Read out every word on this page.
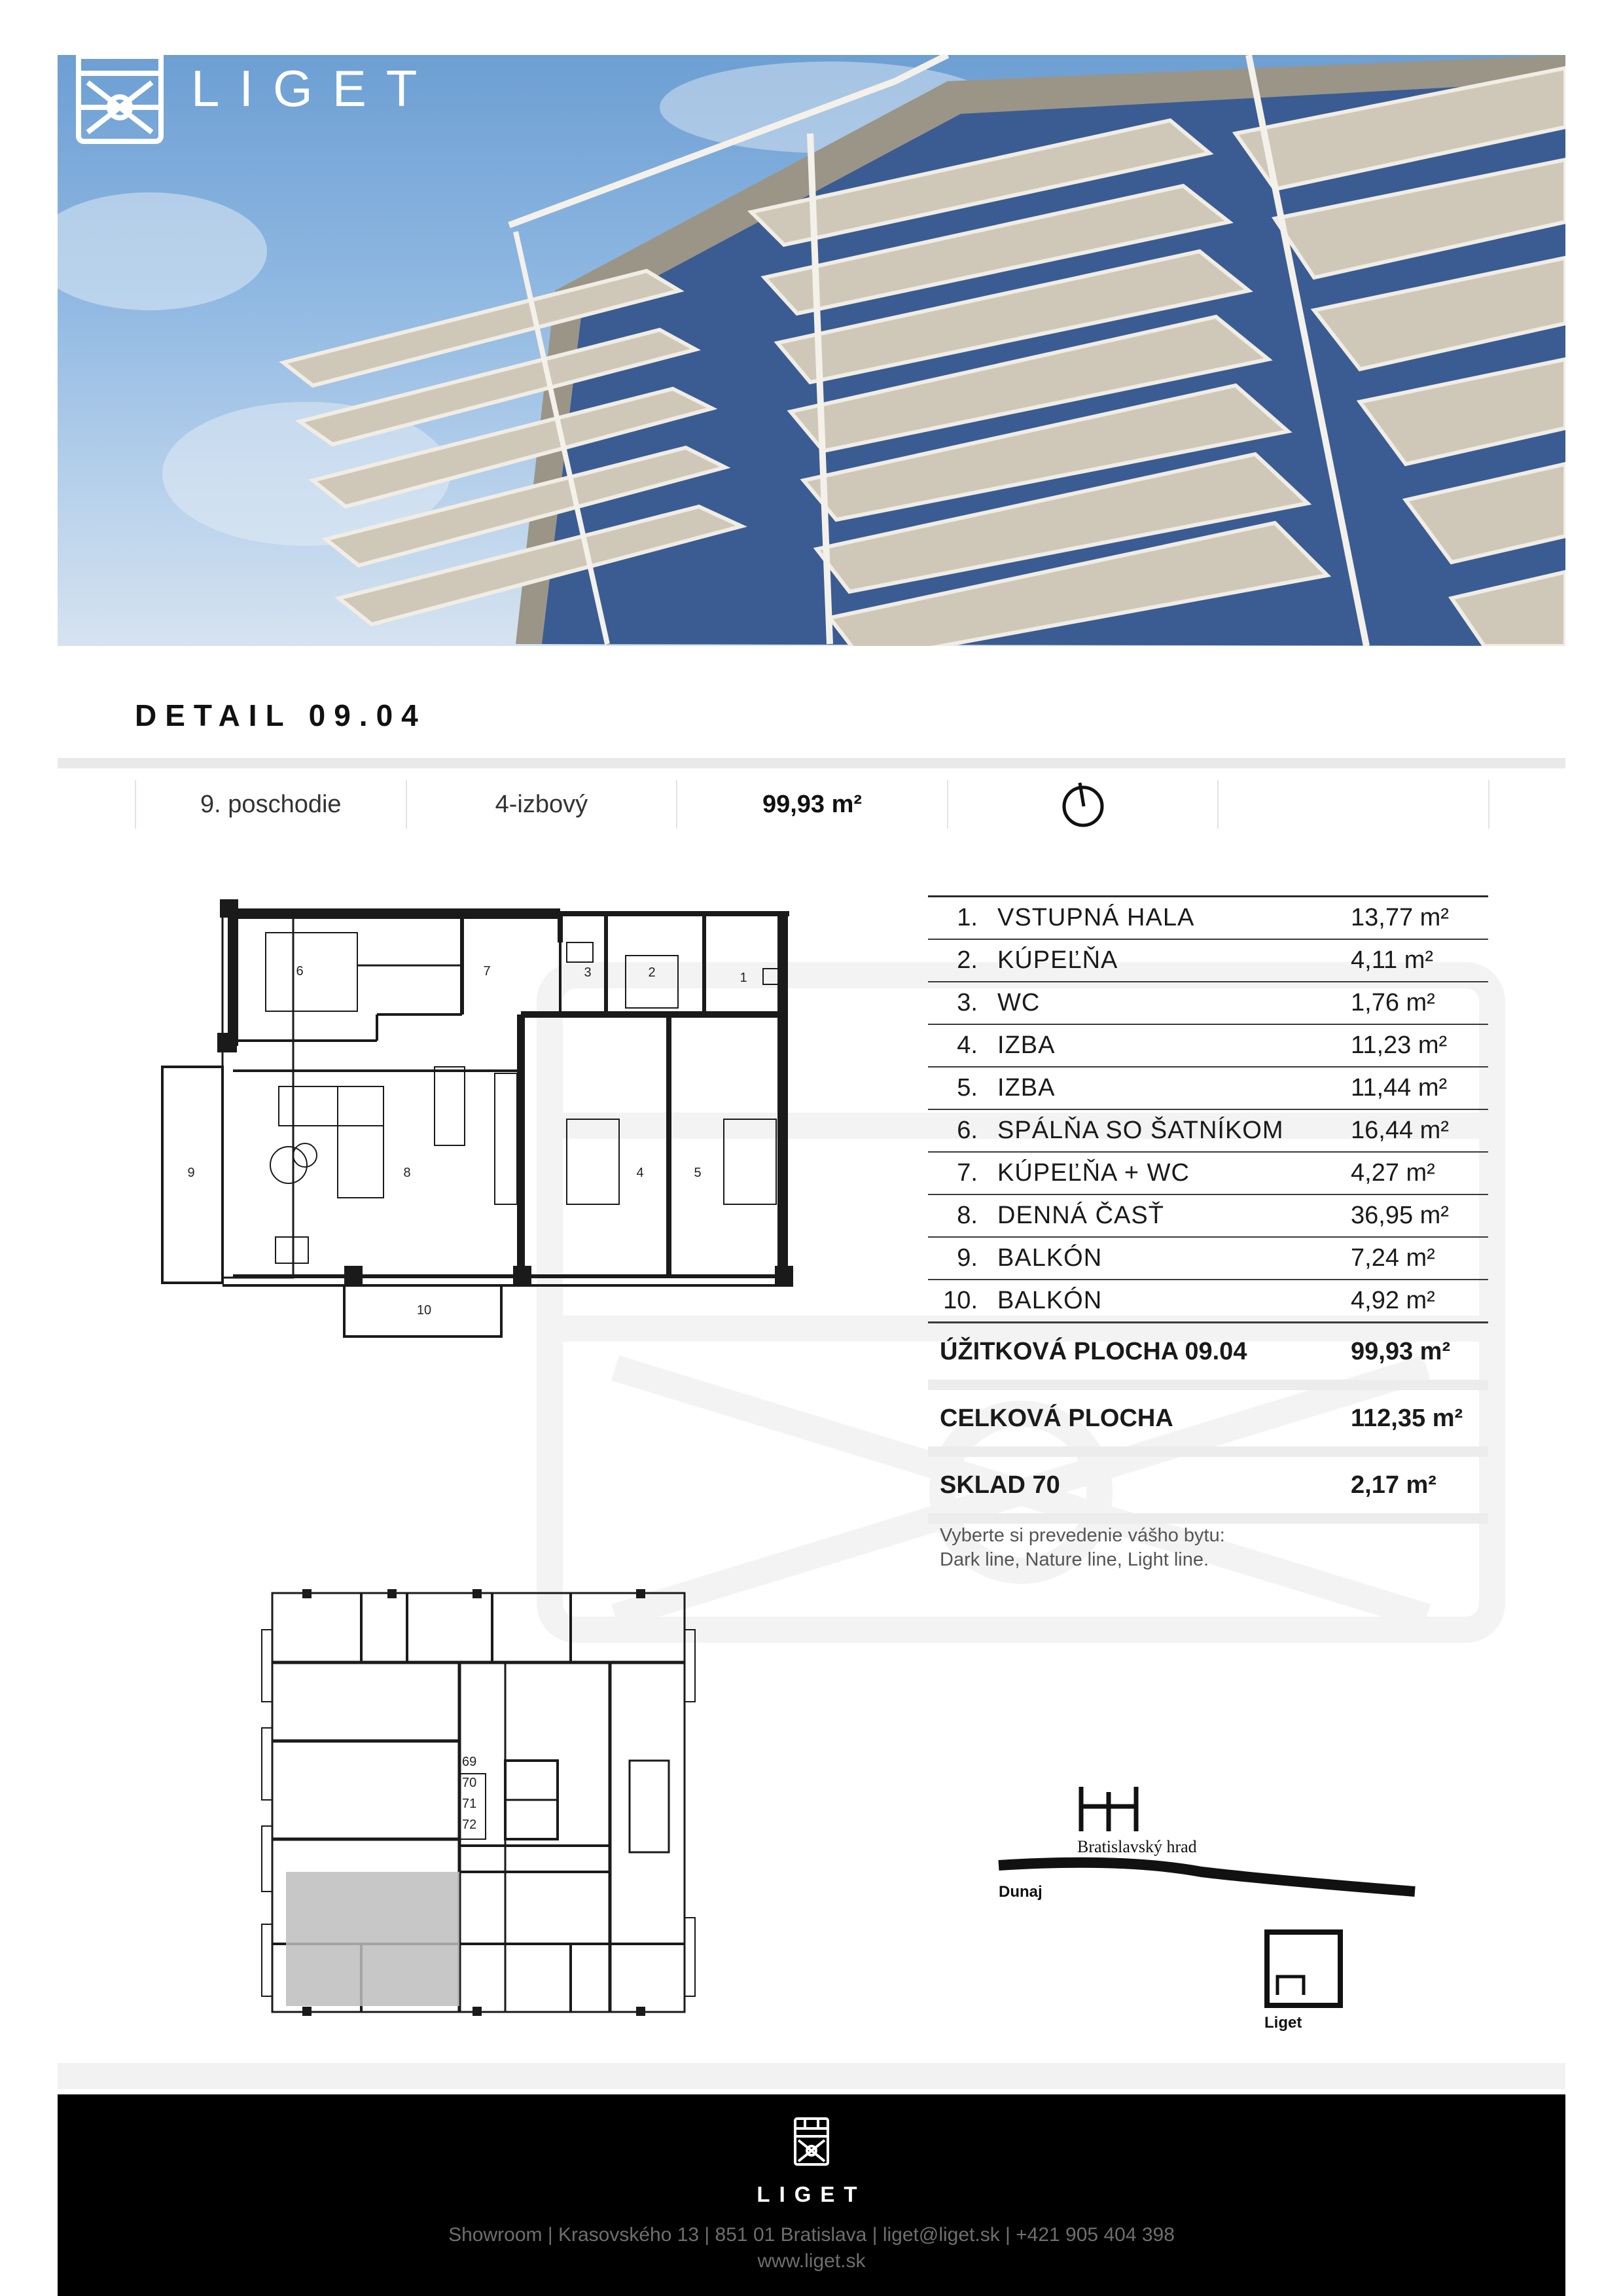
LIGET
DETAIL 09.04
9. poschodie	4-izbový	99,93 m²
1
2
3
4	5
6	7
8
9
10
1. VSTUPNÁ HALA	13,77 m²
2. KÚPEĽŇA	4,11 m²
3. WC	1,76 m²
4. IZBA	11,23 m²
5. IZBA	11,44 m²
6. SPÁLŇA SO ŠATNÍKOM	16,44 m²
7. KÚPEĽŇA + WC	4,27 m²
8. DENNÁ ČASŤ	36,95 m²
9. BALKÓN	7,24 m²
10. BALKÓN	4,92 m²
ÚŽITKOVÁ PLOCHA 09.04	99,93 m²
CELKOVÁ PLOCHA	112,35 m²
SKLAD 70	2,17 m²
Vyberte si prevedenie vášho bytu:
Dark line, Nature line, Light line.
69
70
71
72
Bratislavský hrad
Dunaj
Liget
LIGET
Showroom | Krasovského 13 | 851 01 Bratislava | liget@liget.sk | +421 905 404 398
www.liget.sk
